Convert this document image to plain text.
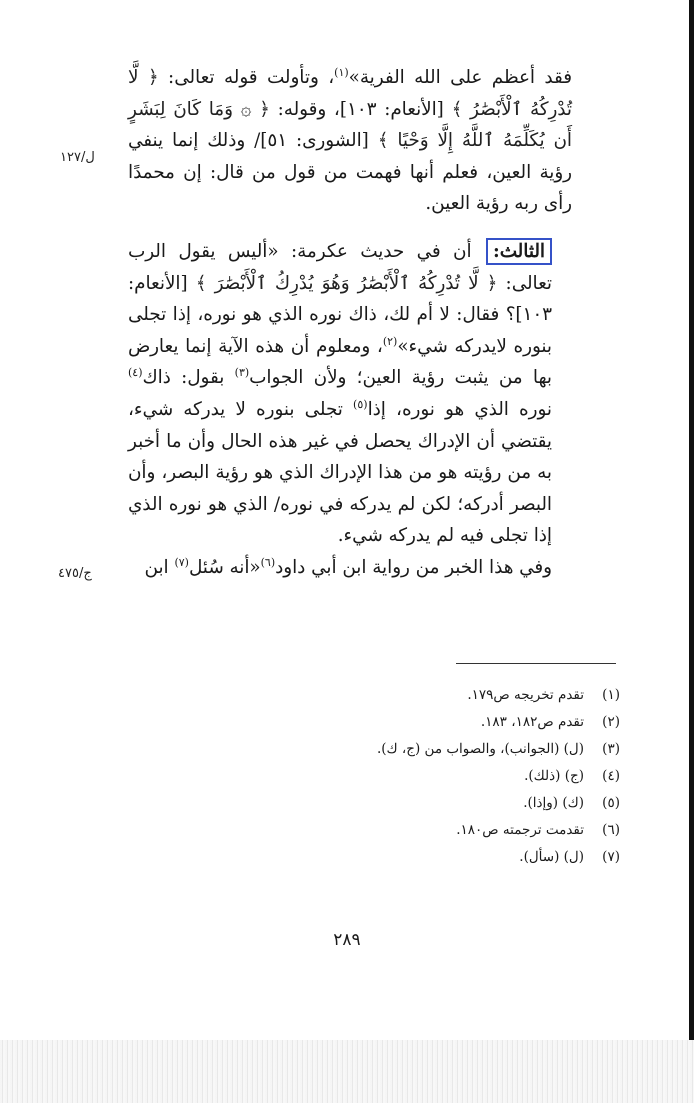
فقد أعظم على الله الفرية»$^{(١)}$، وتأولت قوله تعالى: ﴿ لَّا تُدْرِكُهُ ٱلْأَبْصَٰرُ ﴾ [الأنعام: ١٠٣]، وقوله: ﴿ ۞ وَمَا كَانَ لِبَشَرٍ أَن يُكَلِّمَهُ ٱللَّهُ إِلَّا وَحْيًا ﴾ [الشورى: ٥١]/ وذلك إنما ينفي رؤية العين، فعلم أنها فهمت من قول من قال: إن محمدًا رأى ربه رؤية العين.

الثالث: أن في حديث عكرمة: «أليس يقول الرب تعالى: ﴿ لَّا تُدْرِكُهُ ٱلْأَبْصَٰرُ وَهُوَ يُدْرِكُ ٱلْأَبْصَٰرَ ﴾ [الأنعام: ١٠٣]؟ فقال: لا أم لك، ذاك نوره الذي هو نوره، إذا تجلى بنوره لايدركه شيء»$^{(٢)}$، ومعلوم أن هذه الآية إنما يعارض بها من يثبت رؤية العين؛ ولأن الجواب$^{(٣)}$ بقول: ذاك$^{(٤)}$ نوره الذي هو نوره، إذا$^{(٥)}$ تجلى بنوره لا يدركه شيء، يقتضي أن الإدراك يحصل في غير هذه الحال وأن ما أخبر به من رؤيته هو من هذا الإدراك الذي هو رؤية البصر، وأن البصر أدركه؛ لكن لم يدركه في نوره/ الذي هو نوره الذي إذا تجلى فيه لم يدركه شيء.

وفي هذا الخبر من رواية ابن أبي داود$^{(٦)}$«أنه سُئل$^{(٧)}$ ابن

ل/١٢٧
ج/٤٧٥
(١)
تقدم تخريجه ص١٧٩.
(٢)
تقدم ص١٨٢، ١٨٣.
(٣)
(ل) (الجوانب)، والصواب من (ج، ك).
(٤)
(ج) (ذلك).
(٥)
(ك) (وإذا).
(٦)
تقدمت ترجمته ص١٨٠.
(٧)
(ل) (سأل).
٢٨٩
